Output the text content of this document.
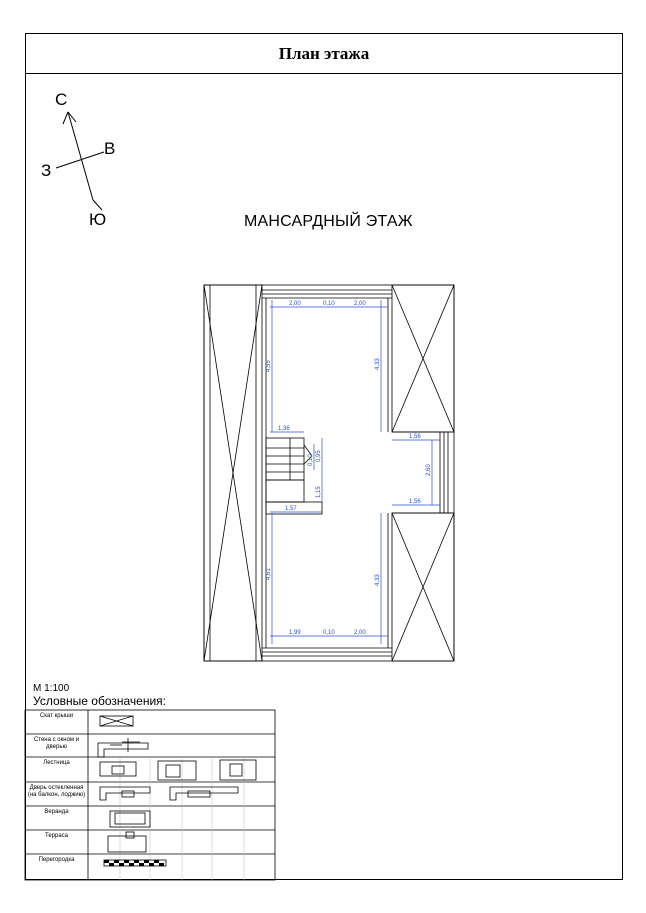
План этажа
С
В
З
Ю	МАНСАРДНЫЙ ЭТАЖ
2,00	0,10	2,00
1,99	0,10	2,00
1,36
1,57
1,56
1,56
4,55	4,33
4,61
4,33
0,95
0,10
1,15
2,60
М 1:100
Условные обозначения:
Скат крыши
Стена с окном и дверью
Лестница
Дверь остекленная (на балкон, лоджию)
Веранда
Терраса
Перегородка
